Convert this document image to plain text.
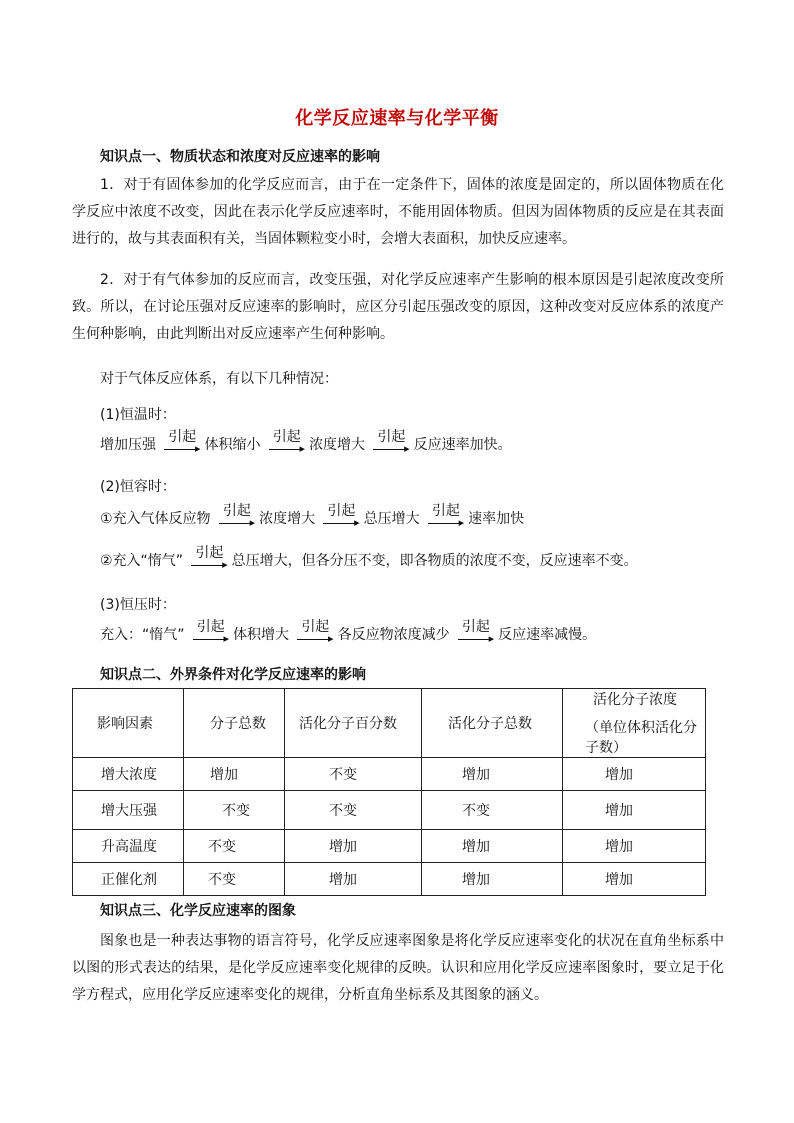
化学反应速率与化学平衡
知识点一、物质状态和浓度对反应速率的影响
1．对于有固体参加的化学反应而言，由于在一定条件下，固体的浓度是固定的，所以固体物质在化学反应中浓度不改变，因此在表示化学反应速率时，不能用固体物质。但因为固体物质的反应是在其表面进行的，故与其表面积有关，当固体颗粒变小时，会增大表面积，加快反应速率。
2．对于有气体参加的反应而言，改变压强，对化学反应速率产生影响的根本原因是引起浓度改变所致。所以，在讨论压强对反应速率的影响时，应区分引起压强改变的原因，这种改变对反应体系的浓度产生何种影响，由此判断出对反应速率产生何种影响。
对于气体反应体系，有以下几种情况：
(1)恒温时：
增加压强 引起
▸ 体积缩小 引起
▸ 浓度增大 引起
▸ 反应速率加快。
(2)恒容时：
①充入气体反应物 引起
▸ 浓度增大 引起
▸ 总压增大 引起
▸ 速率加快
②充入“惰气” 引起
▸ 总压增大，但各分压不变，即各物质的浓度不变，反应速率不变。
(3)恒压时：
充入：“惰气” 引起
▸ 体积增大 引起
▸ 各反应物浓度减少 引起
▸ 反应速率减慢。
知识点二、外界条件对化学反应速率的影响
影响因素	分子总数	活化分子百分数	活化分子总数	活化分子浓度
（单位体积活化分子数）

增大浓度	增加	不变	增加	增加
增大压强	不变	不变	不变	增加
升高温度	不变	增加	增加	增加
正催化剂	不变	增加	增加	增加
知识点三、化学反应速率的图象
图象也是一种表达事物的语言符号，化学反应速率图象是将化学反应速率变化的状况在直角坐标系中以图的形式表达的结果，是化学反应速率变化规律的反映。认识和应用化学反应速率图象时，要立足于化学方程式，应用化学反应速率变化的规律，分析直角坐标系及其图象的涵义。
